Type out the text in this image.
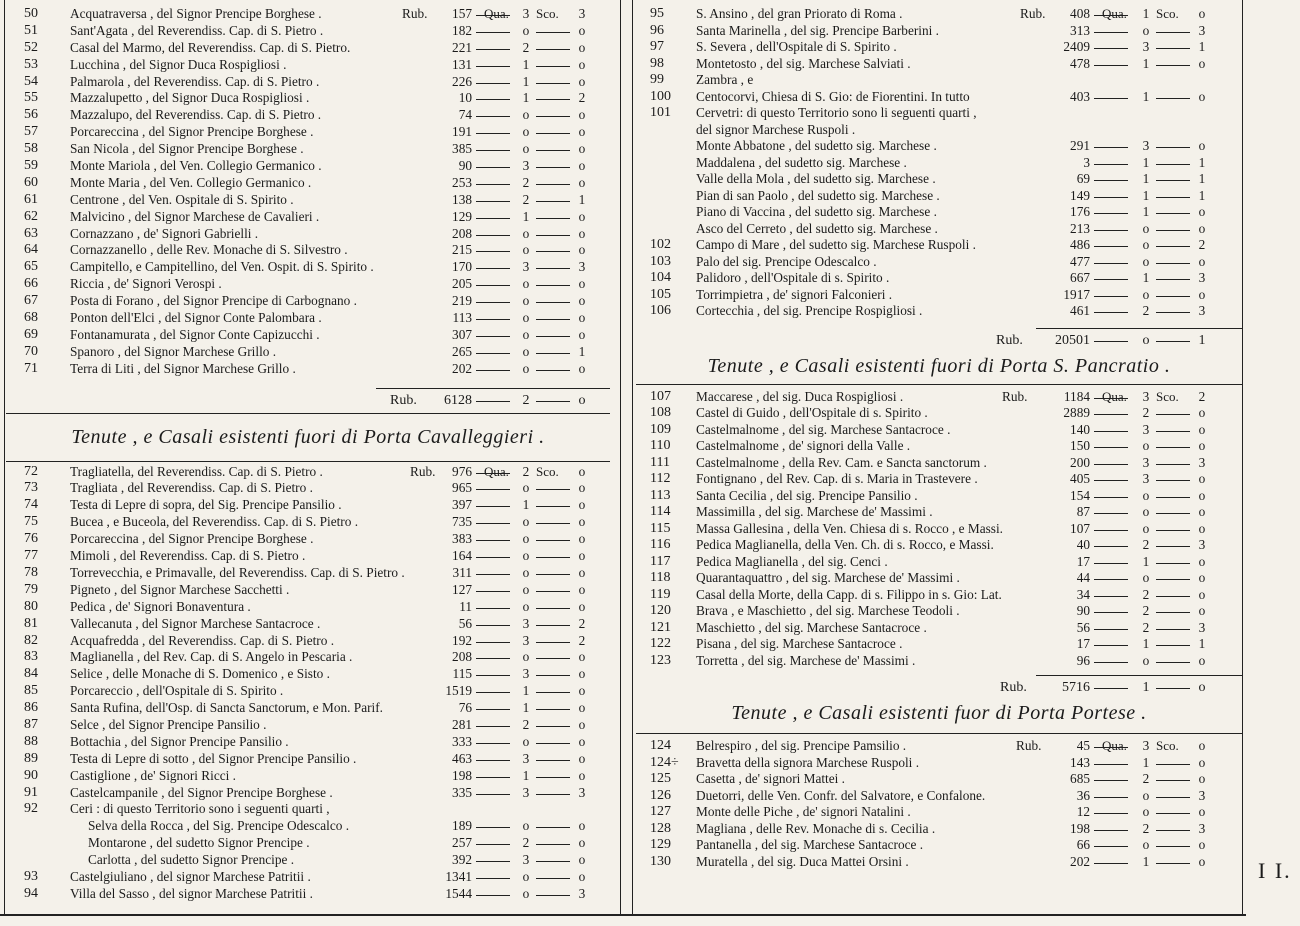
50	Acquatraversa , del Signor Prencipe Borghese .	Rub.	157 Qua.	3 Sco.	3
51	Sant'Agata , del Reverendiss. Cap. di S. Pietro .	182	o	o
52	Casal del Marmo, del Reverendiss. Cap. di S. Pietro.	221	2	o
53	Lucchina , del Signor Duca Rospigliosi .	131	1	o
54	Palmarola , del Reverendiss. Cap. di S. Pietro .	226	1	o
55	Mazzalupetto , del Signor Duca Rospigliosi .	10	1	2
56	Mazzalupo, del Reverendiss. Cap. di S. Pietro .	74	o	o
57	Porcareccina , del Signor Prencipe Borghese .	191	o	o
58	San Nicola , del Signor Prencipe Borghese .	385	o	o
59	Monte Mariola , del Ven. Collegio Germanico .	90	3	o
60	Monte Maria , del Ven. Collegio Germanico .	253	2	o
61	Centrone , del Ven. Ospitale di S. Spirito .	138	2	1
62	Malvicino , del Signor Marchese de Cavalieri .	129	1	o
63	Cornazzano , de' Signori Gabrielli .	208	o	o
64	Cornazzanello , delle Rev. Monache di S. Silvestro .	215	o	o
65	Campitello, e Campitellino, del Ven. Ospit. di S. Spirito .	170	3	3
66	Riccia , de' Signori Verospi .	205	o	o
67	Posta di Forano , del Signor Prencipe di Carbognano .	219	o	o
68	Ponton dell'Elci , del Signor Conte Palombara .	113	o	o
69	Fontanamurata , del Signor Conte Capizucchi .	307	o	o
70	Spanoro , del Signor Marchese Grillo .	265	o	1
71	Terra di Liti , del Signor Marchese Grillo .	202	o	o
Rub.	6128	2	o
Tenute , e Casali esistenti fuori di Porta Cavalleggieri .
72	Tragliatella, del Reverendiss. Cap. di S. Pietro .	Rub.	976 Qua.	2 Sco.	o
73	Tragliata , del Reverendiss. Cap. di S. Pietro .	965	o	o
74	Testa di Lepre di sopra, del Sig. Prencipe Pansilio .	397	1	o
75	Bucea , e Buceola, del Reverendiss. Cap. di S. Pietro .	735	o	o
76	Porcareccina , del Signor Prencipe Borghese .	383	o	o
77	Mimoli , del Reverendiss. Cap. di S. Pietro .	164	o	o
78	Torrevecchia, e Primavalle, del Reverendiss. Cap. di S. Pietro .	311	o	o
79	Pigneto , del Signor Marchese Sacchetti .	127	o	o
80	Pedica , de' Signori Bonaventura .	11	o	o
81	Vallecanuta , del Signor Marchese Santacroce .	56	3	2
82	Acquafredda , del Reverendiss. Cap. di S. Pietro .	192	3	2
83	Maglianella , del Rev. Cap. di S. Angelo in Pescaria .	208	o	o
84	Selice , delle Monache di S. Domenico , e Sisto .	115	3	o
85	Porcareccio , dell'Ospitale di S. Spirito .	1519	1	o
86	Santa Rufina, dell'Osp. di Sancta Sanctorum, e Mon. Parif.	76	1	o
87	Selce , del Signor Prencipe Pansilio .	281	2	o
88	Bottachia , del Signor Prencipe Pansilio .	333	o	o
89	Testa di Lepre di sotto , del Signor Prencipe Pansilio .	463	3	o
90	Castiglione , de' Signori Ricci .	198	1	o
91	Castelcampanile , del Signor Prencipe Borghese .	335	3	3
92	Ceri : di questo Territorio sono i seguenti quarti ,
Selva della Rocca , del Sig. Prencipe Odescalco .	189	o	o
Montarone , del sudetto Signor Prencipe .	257	2	o
Carlotta , del sudetto Signor Prencipe .	392	3	o
93	Castelgiuliano , del signor Marchese Patritii .	1341	o	o
94	Villa del Sasso , del signor Marchese Patritii .	1544	o	3
95	S. Ansino , del gran Priorato di Roma .	Rub.	408 Qua.	1 Sco.	o
96	Santa Marinella , del sig. Prencipe Barberini .	313	o	3
97	S. Severa , dell'Ospitale di S. Spirito .	2409	3	1
98	Montetosto , del sig. Marchese Salviati .	478	1	o
99	Zambra , e
100	Centocorvi, Chiesa di S. Gio: de Fiorentini. In tutto	403	1	o
101	Cervetri: di questo Territorio sono li seguenti quarti ,
del signor Marchese Ruspoli .
Monte Abbatone , del sudetto sig. Marchese .	291	3	o
Maddalena , del sudetto sig. Marchese .	3	1	1
Valle della Mola , del sudetto sig. Marchese .	69	1	1
Pian di san Paolo , del sudetto sig. Marchese .	149	1	1
Piano di Vaccina , del sudetto sig. Marchese .	176	1	o
Asco del Cerreto , del sudetto sig. Marchese .	213	o	o
102	Campo di Mare , del sudetto sig. Marchese Ruspoli .	486	o	2
103	Palo del sig. Prencipe Odescalco .	477	o	o
104	Palidoro , dell'Ospitale di s. Spirito .	667	1	3
105	Torrimpietra , de' signori Falconieri .	1917	o	o
106	Cortecchia , del sig. Prencipe Rospigliosi .	461	2	3
Rub.	20501	o	1
Tenute , e Casali esistenti fuori di Porta S. Pancratio .
107	Maccarese , del sig. Duca Rospigliosi .	Rub.	1184 Qua.	3 Sco.	2
108	Castel di Guido , dell'Ospitale di s. Spirito .	2889	2	o
109	Castelmalnome , del sig. Marchese Santacroce .	140	3	o
110	Castelmalnome , de' signori della Valle .	150	o	o
111	Castelmalnome , della Rev. Cam. e Sancta sanctorum .	200	3	3
112	Fontignano , del Rev. Cap. di s. Maria in Trastevere .	405	3	o
113	Santa Cecilia , del sig. Prencipe Pansilio .	154	o	o
114	Massimilla , del sig. Marchese de' Massimi .	87	o	o
115	Massa Gallesina , della Ven. Chiesa di s. Rocco , e Massi.	107	o	o
116	Pedica Maglianella, della Ven. Ch. di s. Rocco, e Massi.	40	2	3
117	Pedica Maglianella , del sig. Cenci .	17	1	o
118	Quarantaquattro , del sig. Marchese de' Massimi .	44	o	o
119	Casal della Morte, della Capp. di s. Filippo in s. Gio: Lat.	34	2	o
120	Brava , e Maschietto , del sig. Marchese Teodoli .	90	2	o
121	Maschietto , del sig. Marchese Santacroce .	56	2	3
122	Pisana , del sig. Marchese Santacroce .	17	1	1
123	Torretta , del sig. Marchese de' Massimi .	96	o	o
Rub.	5716	1	o
Tenute , e Casali esistenti fuor di Porta Portese .
124	Belrespiro , del sig. Prencipe Pamsilio .	Rub.	45 Qua.	3 Sco.	o
124÷	Bravetta della signora Marchese Ruspoli .	143	1	o
125	Casetta , de' signori Mattei .	685	2	o
126	Duetorri, delle Ven. Confr. del Salvatore, e Confalone.	36	o	3
127	Monte delle Piche , de' signori Natalini .	12	o	o
128	Magliana , delle Rev. Monache di s. Cecilia .	198	2	3
129	Pantanella , del sig. Marchese Santacroce .	66	o	o
130	Muratella , del sig. Duca Mattei Orsini .	202	1	o I I.
